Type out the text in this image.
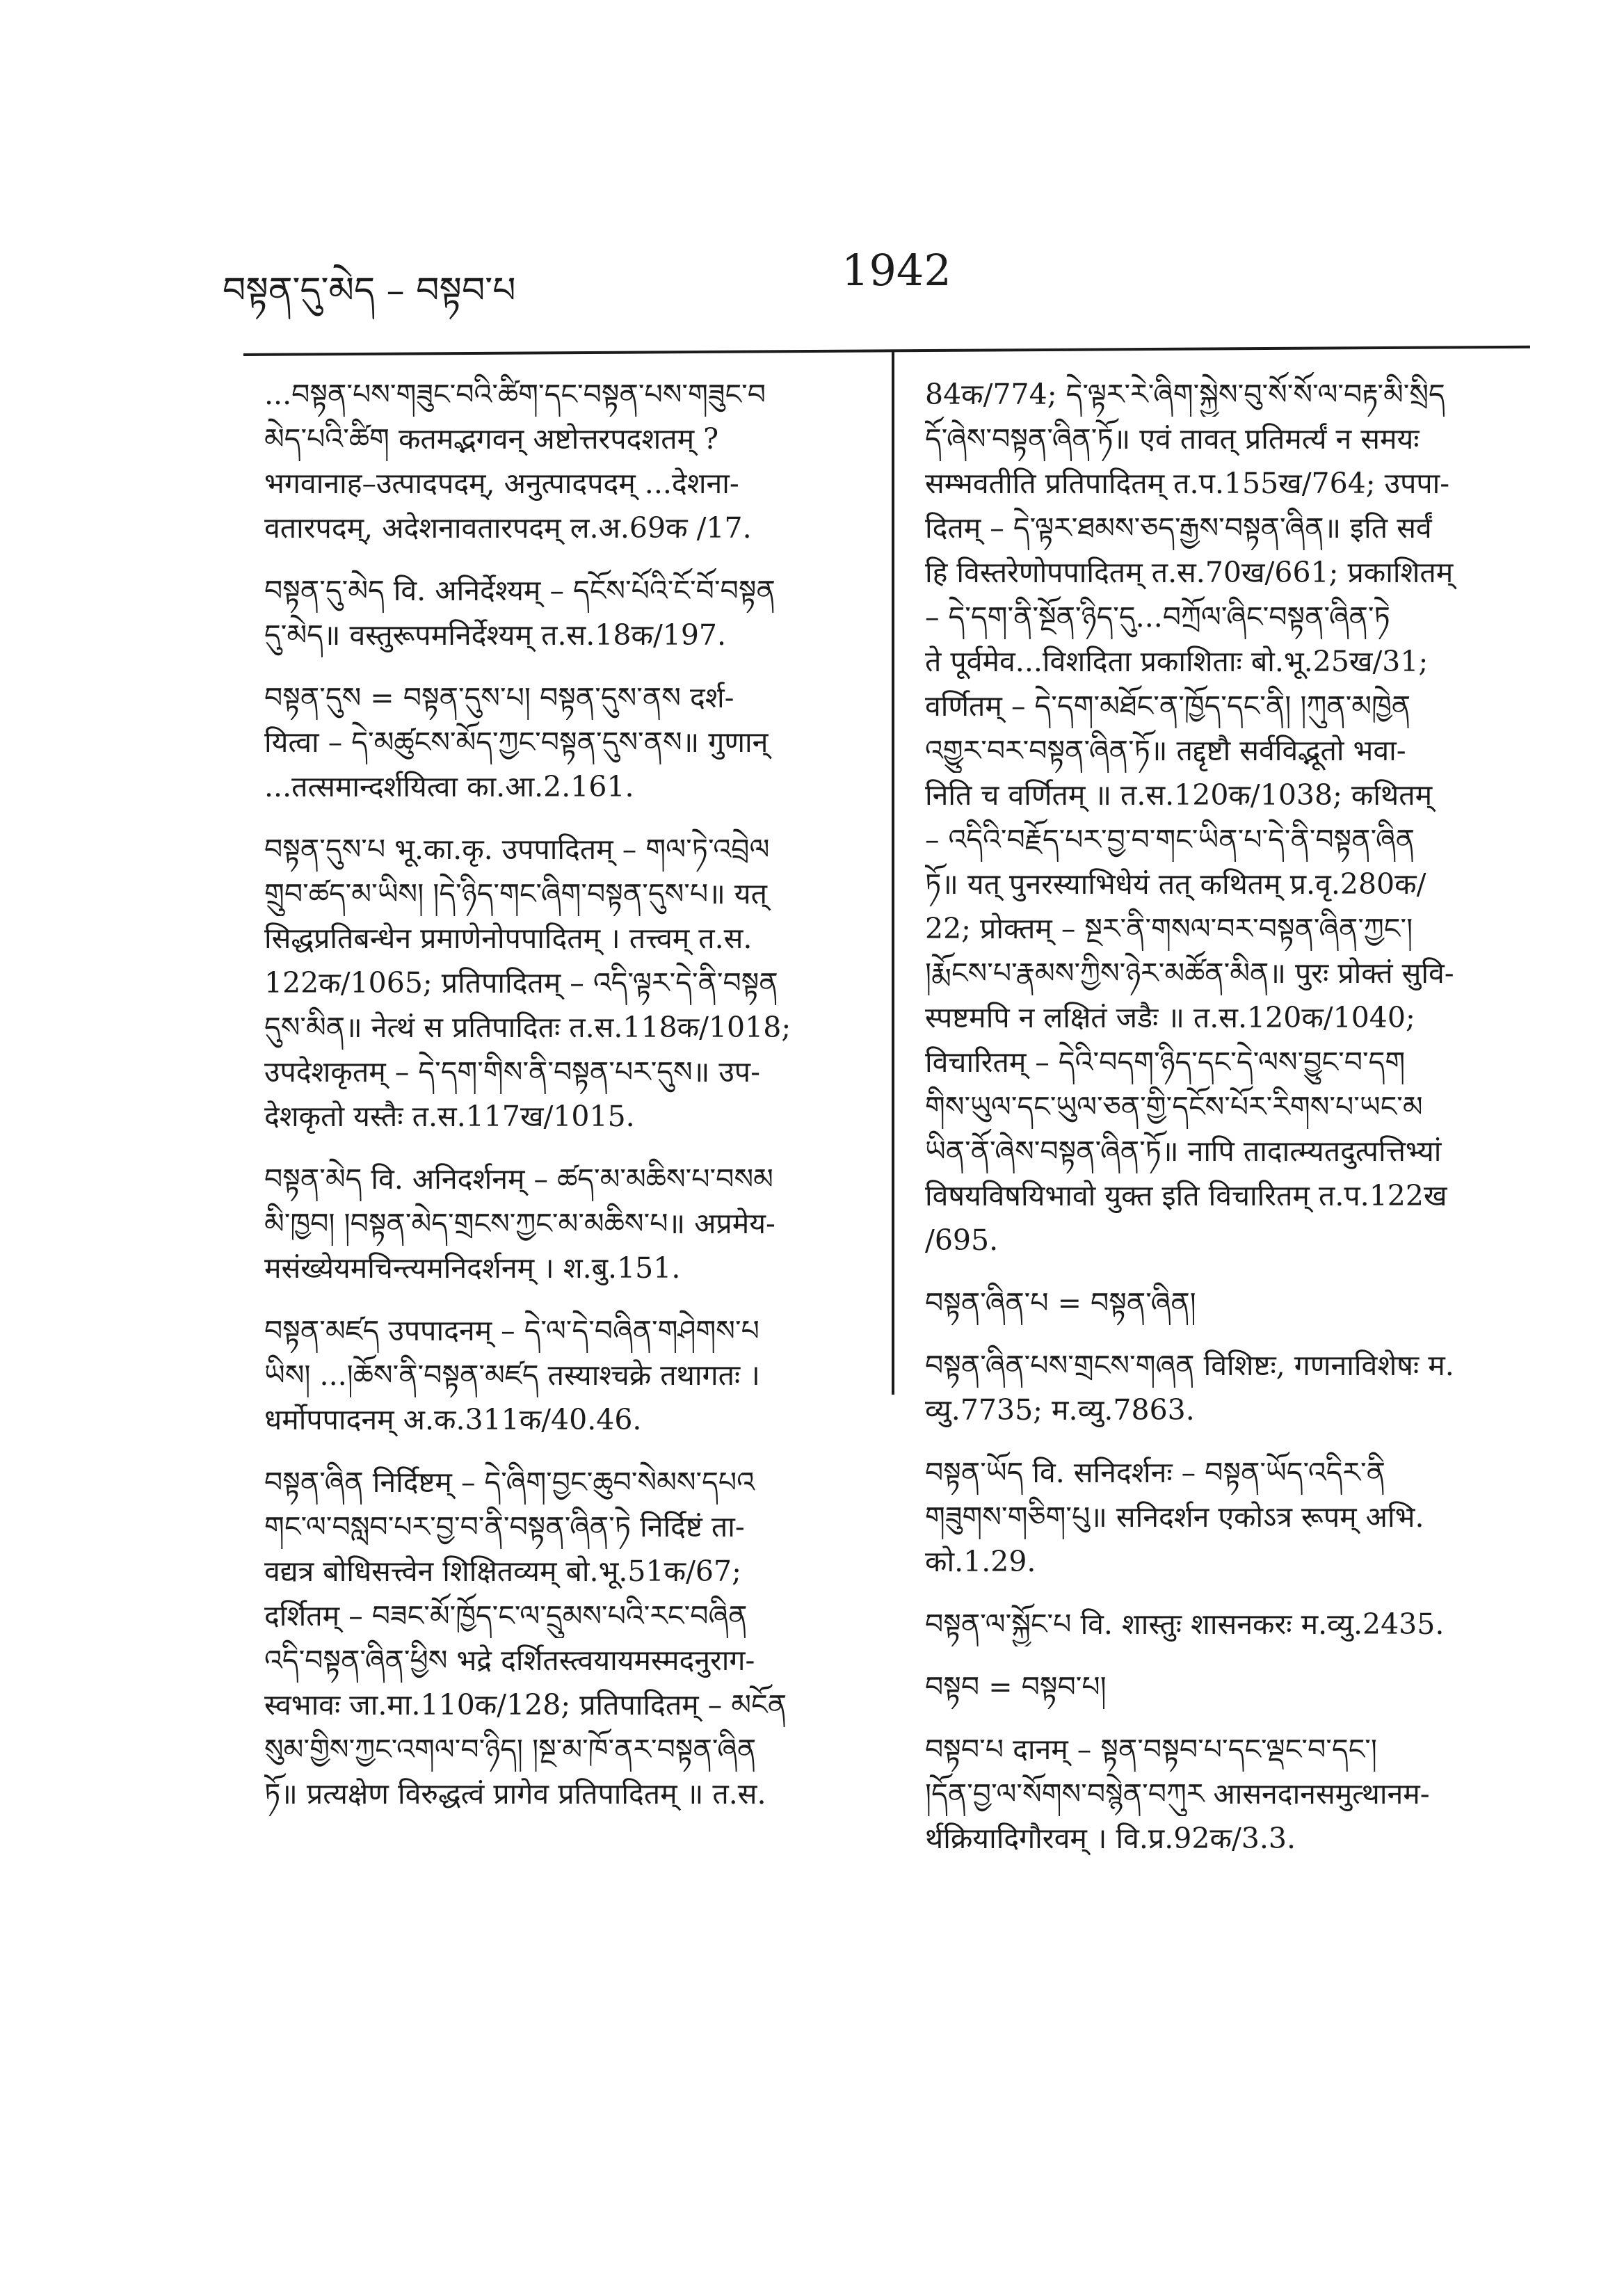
བསྟན་དུ་མེད – བསྟབ་པ	1942
...བསྟན་པས་གཟུང་བའི་ཚིག་དང་བསྟན་པས་གཟུང་བ
མེད་པའི་ཚིག कतमद्भगवन् अष्टोत्तरपदशतम् ?
भगवानाह–उत्पादपदम्, अनुत्पादपदम् ...देशना-
वतारपदम्, अदेशनावतारपदम् ल.अ.69क /17.
བསྟན་དུ་མེད वि. अनिर्देश्यम् – དངོས་པོའི་ངོ་བོ་བསྟན
དུ་མེད॥ वस्तुरूपमनिर्देश्यम् त.स.18क/197.
བསྟན་དུས = བསྟན་དུས་པ། བསྟན་དུས་ནས दर्श-
यित्वा – དེ་མཚུངས་མོད་ཀྱང་བསྟན་དུས་ནས॥ गुणान्
...तत्समान्दर्शयित्वा का.आ.2.161.
བསྟན་དུས་པ भू.का.कृ. उपपादितम् – གལ་ཏེ་འབྲེལ
གྲུབ་ཚད་མ་ཡིས། །དེ་ཉིད་གང་ཞིག་བསྟན་དུས་པ॥ यत्
सिद्धप्रतिबन्धेन प्रमाणेनोपपादितम् । तत्त्वम् त.स.
122क/1065; प्रतिपादितम् – འདི་ལྟར་དེ་ནི་བསྟན
དུས་མིན॥ नेत्थं स प्रतिपादितः त.स.118क/1018;
उपदेशकृतम् – དེ་དག་གིས་ནི་བསྟན་པར་དུས॥ उप-
देशकृतो यस्तैः त.स.117ख/1015.
བསྟན་མེད वि. अनिदर्शनम् – ཚད་མ་མཆིས་པ་བསམ
མི་ཁྱབ། །བསྟན་མེད་གྲངས་ཀྱང་མ་མཆིས་པ॥ अप्रमेय-
मसंख्येयमचिन्त्यमनिदर्शनम् । श.बु.151.
བསྟན་མཛད उपपादनम् – དེ་ལ་དེ་བཞིན་གཤེགས་པ
ཡིས། ...།ཆོས་ནི་བསྟན་མཛད तस्याश्चक्रे तथागतः ।
धर्मोपपादनम् अ.क.311क/40.46.
བསྟན་ཞིན निर्दिष्टम् – དེ་ཞིག་བྱང་ཆུབ་སེམས་དཔའ
གང་ལ་བསླབ་པར་བྱ་བ་ནི་བསྟན་ཞིན་ཏེ निर्दिष्टं ता-
वद्यत्र बोधिसत्त्वेन शिक्षितव्यम् बो.भू.51क/67;
दर्शितम् – བཟང་མོ་ཁྱོད་ང་ལ་དྲུམས་པའི་རང་བཞིན
འདི་བསྟན་ཞིན་ཕྱིས भद्रे दर्शितस्त्वयायमस्मदनुराग-
स्वभावः जा.मा.110क/128; प्रतिपादितम् – མངོན
སུམ་གྱིས་ཀྱང་འགལ་བ་ཉིད། །སྔ་མ་ཁོ་ནར་བསྟན་ཞིན
ཏོ॥ प्रत्यक्षेण विरुद्धत्वं प्रागेव प्रतिपादितम् ॥ त.स.
84क/774; དེ་ལྟར་རེ་ཞིག་སྐྱེས་བུ་སོ་སོ་ལ་བརྟ་མི་སྲིད
དོ་ཞེས་བསྟན་ཞིན་ཏོ॥ एवं तावत् प्रतिमर्त्यं न समयः
सम्भवतीति प्रतिपादितम् त.प.155ख/764; उपपा-
दितम् – དེ་ལྟར་ཐམས་ཅད་རྒྱས་བསྟན་ཞིན॥ इति सर्वं
हि विस्तरेणोपपादितम् त.स.70ख/661; प्रकाशितम्
– དེ་དག་ནི་སྔོན་ཉིད་དུ...བཀྲོལ་ཞིང་བསྟན་ཞིན་ཏེ
ते पूर्वमेव...विशदिता प्रकाशिताः बो.भू.25ख/31;
वर्णितम् – དེ་དག་མཐོང་ན་ཁྱོད་དང་ནི། །ཀུན་མཁྱེན
འགྱུར་བར་བསྟན་ཞིན་ཏོ॥ तद्दृष्टौ सर्वविद्भूतो भवा-
निति च वर्णितम् ॥ त.स.120क/1038; कथितम्
– འདིའི་བརྗོད་པར་བྱ་བ་གང་ཡིན་པ་དེ་ནི་བསྟན་ཞིན
ཏོ॥ यत् पुनरस्याभिधेयं तत् कथितम् प्र.वृ.280क/
22; प्रोक्तम् – སྔར་ནི་གསལ་བར་བསྟན་ཞིན་ཀྱང་།
།རྨོངས་པ་རྣམས་ཀྱིས་ཉེར་མཚོན་མིན॥ पुरः प्रोक्तं सुवि-
स्पष्टमपि न लक्षितं जडैः ॥ त.स.120क/1040;
विचारितम् – དེའི་བདག་ཉིད་དང་དེ་ལས་བྱུང་བ་དག
གིས་ཡུལ་དང་ཡུལ་ཅན་གྱི་དངོས་པོར་རིགས་པ་ཡང་མ
ཡིན་ནོ་ཞེས་བསྟན་ཞིན་ཏོ॥ नापि तादात्म्यतदुत्पत्तिभ्यां
विषयविषयिभावो युक्त इति विचारितम् त.प.122ख
/695.
བསྟན་ཞིན་པ = བསྟན་ཞིན།
བསྟན་ཞིན་པས་གྲངས་གཞན विशिष्टः, गणनाविशेषः म.
व्यु.7735; म.व्यु.7863.
བསྟན་ཡོད वि. सनिदर्शनः – བསྟན་ཡོད་འདིར་ནི
གཟུགས་གཅིག་པུ॥ सनिदर्शन एकोऽत्र रूपम् अभि.
को.1.29.
བསྟན་ལ་སྐྱོང་པ वि. शास्तुः शासनकरः म.व्यु.2435.
བསྟབ = བསྟབ་པ།
བསྟབ་པ दानम् – སྟན་བསྟབ་པ་དང་ལྡང་བ་དང་།
།དོན་བྱ་ལ་སོགས་བསྙེན་བཀུར आसनदानसमुत्थानम-
र्थक्रियादिगौरवम् । वि.प्र.92क/3.3.
